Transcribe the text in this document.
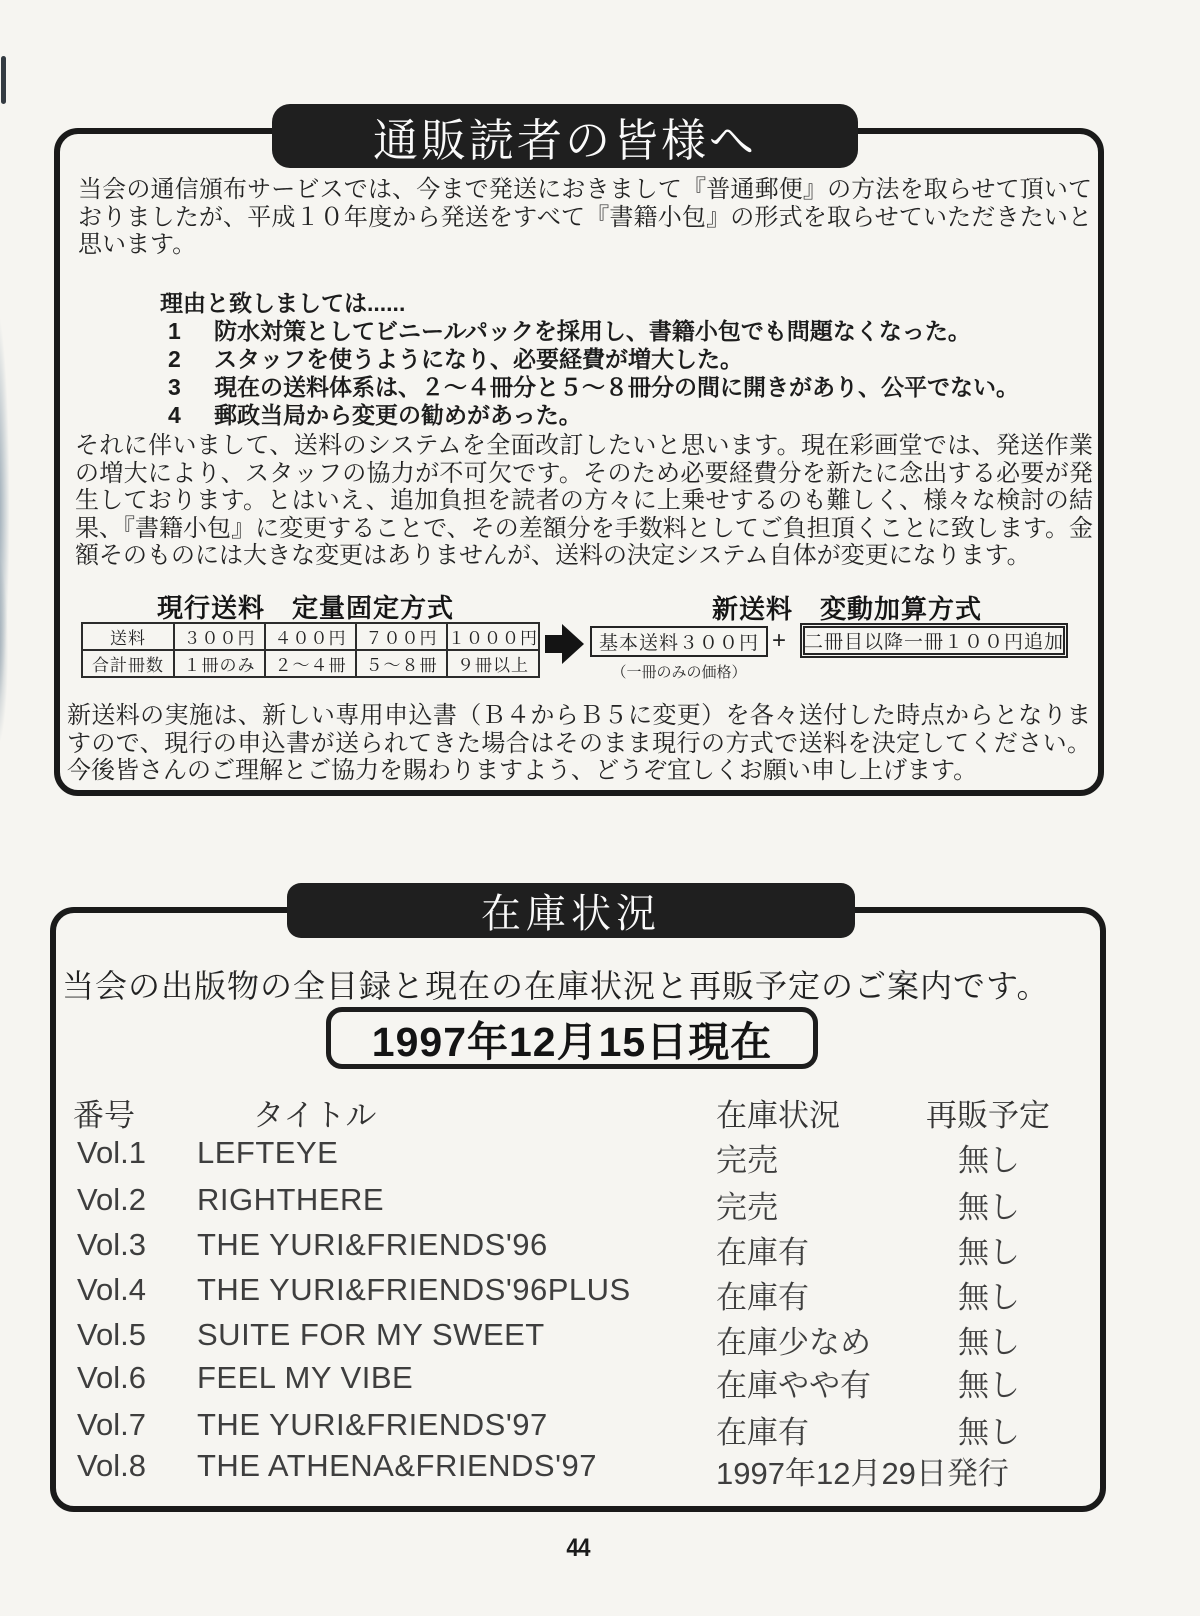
通販読者の皆様へ
当会の通信頒布サービスでは、今まで発送におきまして『普通郵便』の方法を取らせて頂いておりましたが、平成１０年度から発送をすべて『書籍小包』の形式を取らせていただきたいと思います。
理由と致しましては......
1 防水対策としてビニールパックを採用し、書籍小包でも問題なくなった。
2 スタッフを使うようになり、必要経費が増大した。
3 現在の送料体系は、２～４冊分と５～８冊分の間に開きがあり、公平でない。
4 郵政当局から変更の勧めがあった。
それに伴いまして、送料のシステムを全面改訂したいと思います。現在彩画堂では、発送作業の増大により、スタッフの協力が不可欠です。そのため必要経費分を新たに念出する必要が発生しております。とはいえ、追加負担を読者の方々に上乗せするのも難しく、様々な検討の結果、『書籍小包』に変更することで、その差額分を手数料としてご負担頂くことに致します。金額そのものには大きな変更はありませんが、送料の決定システム自体が変更になります。
現行送料　定量固定方式	新送料　変動加算方式
送料	３００円	４００円	７００円	１０００円
合計冊数	１冊のみ	２～４冊	５～８冊	９冊以上
基本送料３００円
（一冊のみの価格）
+ 二冊目以降一冊１００円追加
新送料の実施は、新しい専用申込書（Ｂ４からＢ５に変更）を各々送付した時点からとなりますので、現行の申込書が送られてきた場合はそのまま現行の方式で送料を決定してください。今後皆さんのご理解とご協力を賜わりますよう、どうぞ宜しくお願い申し上げます。
在庫状況
当会の出版物の全目録と現在の在庫状況と再販予定のご案内です。
1997年12月15日現在
番号	タイトル	在庫状況	再販予定
Vol.1 LEFTEYE	完売	無し
Vol.2 RIGHTHERE	完売	無し
Vol.3 THE YURI&FRIENDS'96	在庫有	無し
Vol.4 THE YURI&FRIENDS'96PLUS	在庫有	無し
Vol.5 SUITE FOR MY SWEET	在庫少なめ	無し
Vol.6 FEEL MY VIBE	在庫やや有	無し
Vol.7 THE YURI&FRIENDS'97	在庫有	無し
Vol.8 THE ATHENA&FRIENDS'97	1997年12月29日発行
44
